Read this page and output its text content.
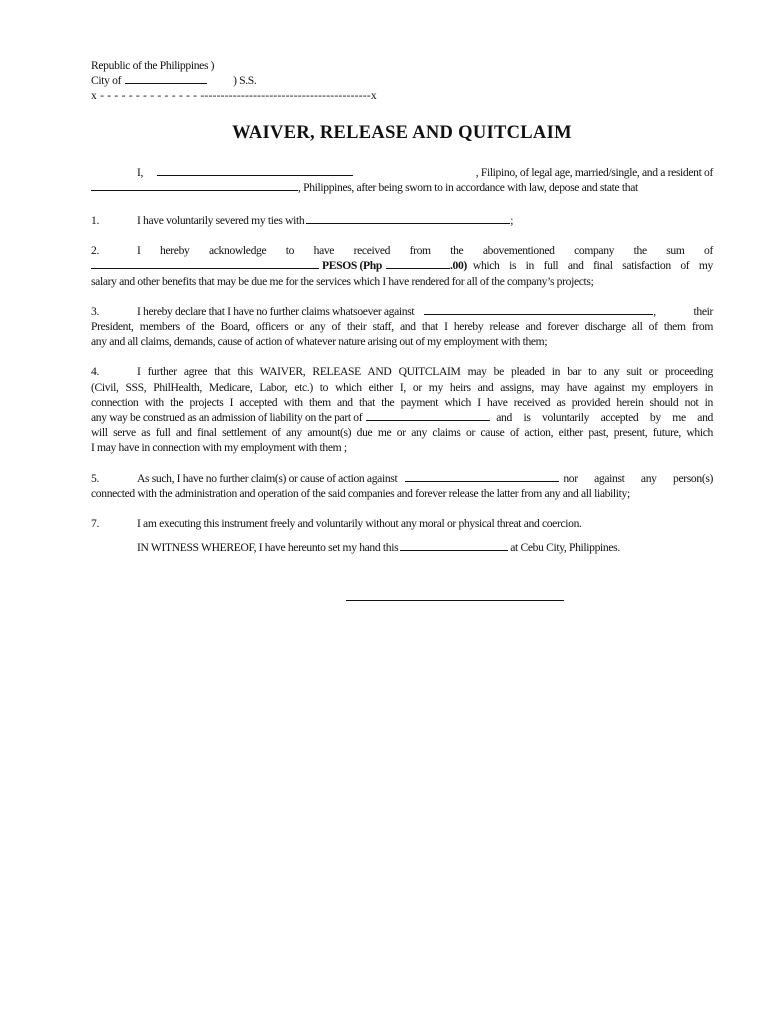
Republic of the Philippines )
City of	) S.S.
x - - - - - - - - - - - - - - ------------------------------------------x
WAIVER, RELEASE AND QUITCLAIM
I,	, Filipino, of legal age, married/single, and a resident of
, Philippines, after being sworn to in accordance with law, depose and state that
1.	I have voluntarily severed my ties with	;
2.	I hereby acknowledge to have received from the abovementioned company the sum of
PESOS (Php	.00) which is in full and final satisfaction of my
salary and other benefits that may be due me for the services which I have rendered for all of the company’s projects;
3.	I hereby declare that I have no further claims whatsoever against	, their
President, members of the Board, officers or any of their staff, and that I hereby release and forever discharge all of them from
any and all claims, demands, cause of action of whatever nature arising out of my employment with them;
4.	I further agree that this WAIVER, RELEASE AND QUITCLAIM may be pleaded in bar to any suit or proceeding
(Civil, SSS, PhilHealth, Medicare, Labor, etc.) to which either I, or my heirs and assigns, may have against my employers in
connection with the projects I accepted with them and that the payment which I have received as provided herein should not in
any way be construed as an admission of liability on the part of	and is voluntarily accepted by me and
will serve as full and final settlement of any amount(s) due me or any claims or cause of action, either past, present, future, which
I may have in connection with my employment with them ;
5.	As such, I have no further claim(s) or cause of action against	nor against any person(s)
connected with the administration and operation of the said companies and forever release the latter from any and all liability;
7.	I am executing this instrument freely and voluntarily without any moral or physical threat and coercion.
IN WITNESS WHEREOF, I have hereunto set my hand this	at Cebu City, Philippines.
